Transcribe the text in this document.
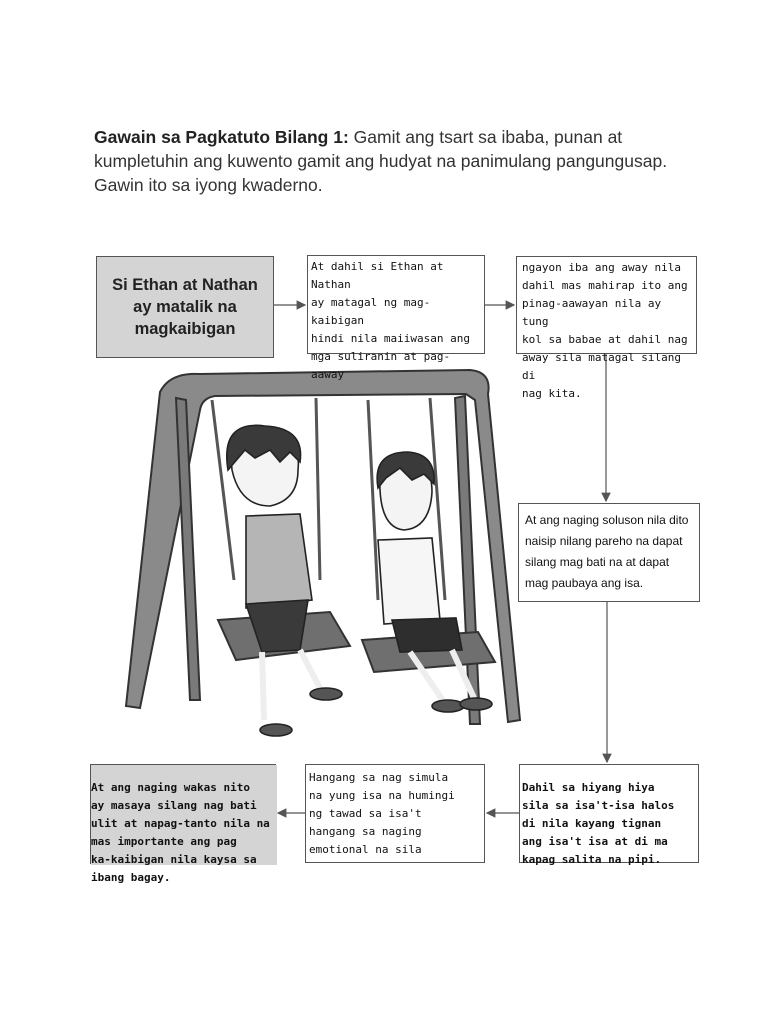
Gawain sa Pagkatuto Bilang 1: Gamit ang tsart sa ibaba, punan at kumpletuhin ang kuwento gamit ang hudyat na panimulang pangungusap. Gawin ito sa iyong kwaderno.
Si Ethan at Nathan
ay matalik na
magkaibigan
At dahil si Ethan at Nathan
ay matagal ng mag-kaibigan
hindi nila maiiwasan ang
mga suliranin at pag-aaway
ngayon iba ang away nila
dahil mas mahirap ito ang
pinag-aawayan nila ay tung
kol sa babae at dahil nag
away sila matagal silang di
nag kita.
At ang naging soluson nila dito
naisip nilang pareho na dapat
silang mag bati na at dapat
mag paubaya ang isa.
Dahil sa hiyang hiya
sila sa isa't-isa halos
di nila kayang tignan
ang isa't isa at di ma
kapag salita na pipi.
Hangang sa nag simula
na yung isa na humingi
ng tawad sa isa't
hangang sa naging
emotional na sila
At ang naging wakas nito
ay masaya silang nag bati
ulit at napag-tanto nila na
mas importante ang pag
ka-kaibigan nila kaysa sa
ibang bagay.
